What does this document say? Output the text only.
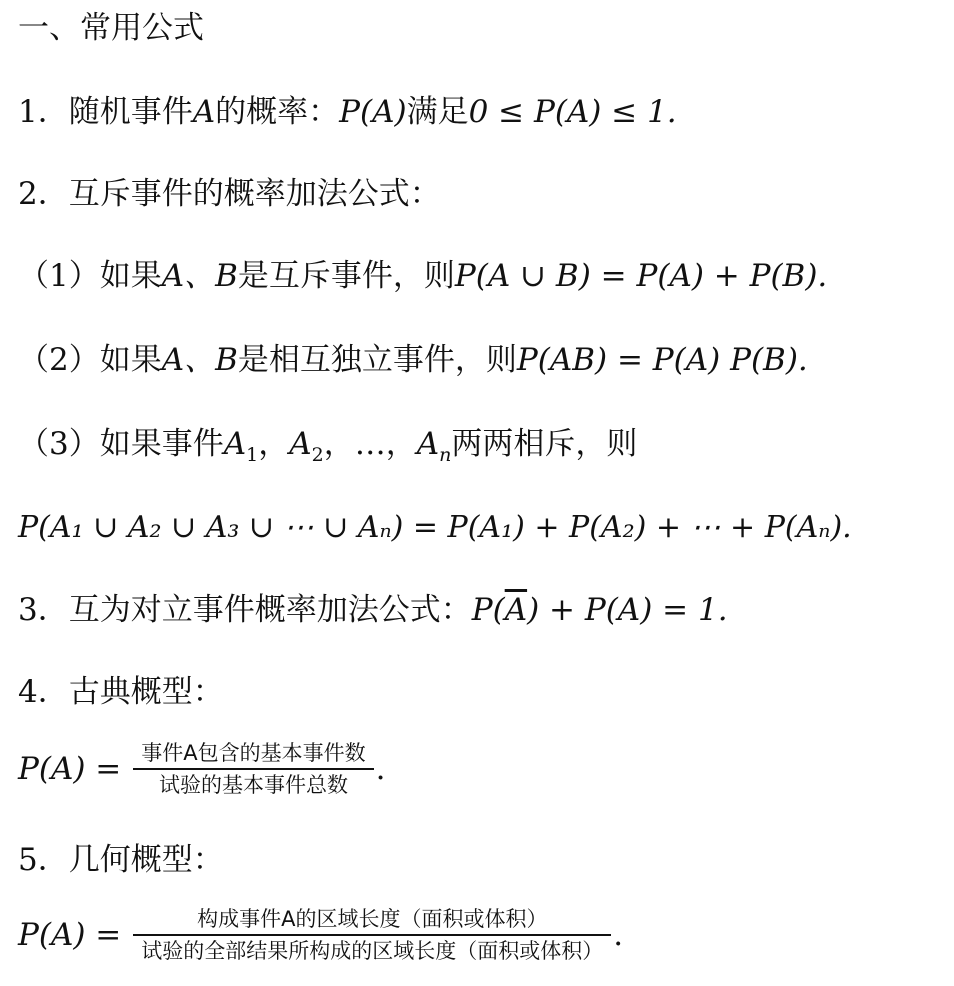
一、常用公式
1．随机事件A的概率：P(A)满足0 ≤ P(A) ≤ 1.
2．互斥事件的概率加法公式：
（1）如果A、B是互斥事件，则P(A ∪ B) = P(A) + P(B).
（2）如果A、B是相互独立事件，则P(AB) = P(A) P(B).
（3）如果事件$A_1$，$A_2$，…，$A_n$两两相斥，则
P(A₁ ∪ A₂ ∪ A₃ ∪ ⋯ ∪ Aₙ) = P(A₁) + P(A₂) + ⋯ + P(Aₙ).
3．互为对立事件概率加法公式：$P(\overline{A}) + P(A) = 1$.
4．古典概型：
$P(A) = \frac{\text{事件A包含的基本事件数}}{\text{试验的基本事件总数}}$ .
5．几何概型：
$P(A) = \frac{\text{构成事件A的区域长度（面积或体积）}}{\text{试验的全部结果所构成的区域长度（面积或体积）}}$ .
